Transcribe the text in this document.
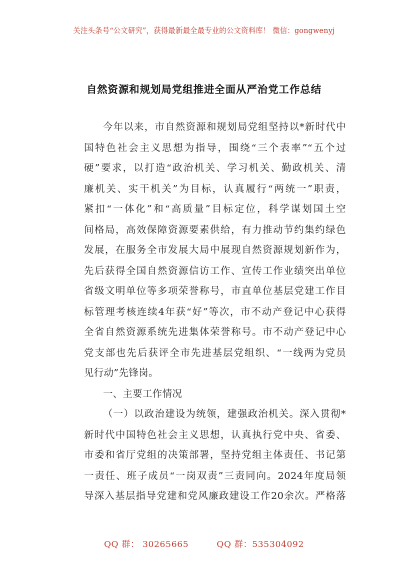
关注头条号“公文研究”，获得最新最全最专业的公文资料库！ 微信：gongwenyj
自然资源和规划局党组推进全面从严治党工作总结
今年以来，市自然资源和规划局党组坚持以*新时代中
国特色社会主义思想为指导，围绕“三个表率”“五个过
硬”要求，以打造“政治机关、学习机关、勤政机关、清
廉机关、实干机关”为目标，认真履行“两统一”职责，
紧扣“一体化”和“高质量”目标定位，科学谋划国土空
间格局，高效保障资源要素供给，有力推动节约集约绿色
发展，在服务全市发展大局中展现自然资源规划新作为，
先后获得全国自然资源信访工作、宣传工作业绩突出单位
省级文明单位等多项荣誉称号，市直单位基层党建工作目
标管理考核连续4年获“好”等次，市不动产登记中心获得
全省自然资源系统先进集体荣誉称号。市不动产登记中心
党支部也先后获评全市先进基层党组织、“一线两为党员
见行动”先锋岗。
一、主要工作情况
（一）以政治建设为统领，建强政治机关。深入贯彻*
新时代中国特色社会主义思想，认真执行党中央、省委、
市委和省厅党组的决策部署，坚持党组主体责任、书记第
一责任、班子成员“一岗双责”三责同向。2024年度局领
导深入基层指导党建和党风廉政建设工作20余次。严格落
QQ 群： 30265665	QQ 群：535304092
